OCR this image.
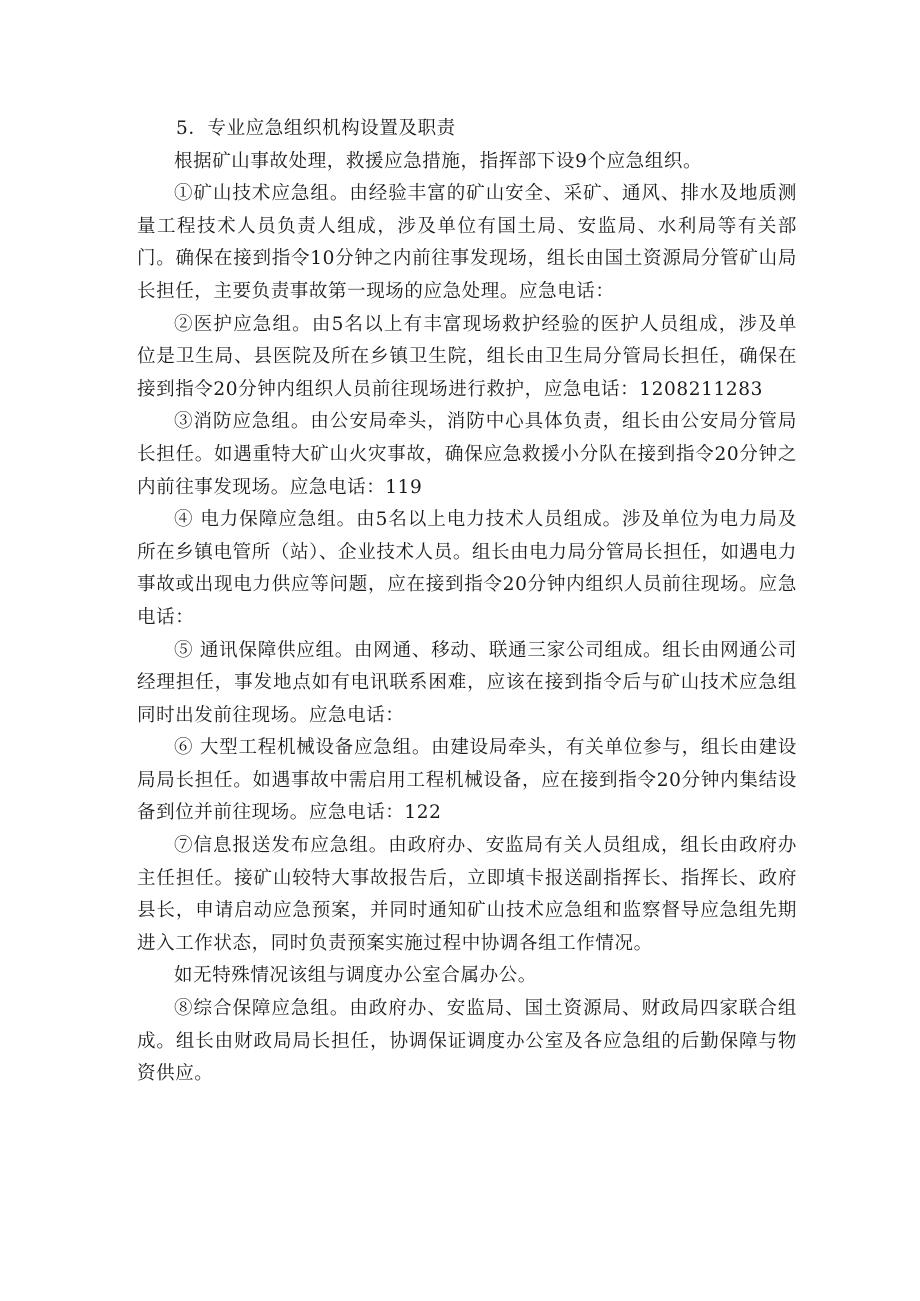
5．专业应急组织机构设置及职责

根据矿山事故处理，救援应急措施，指挥部下设9个应急组织。

①矿山技术应急组。由经验丰富的矿山安全、采矿、通风、排水及地质测量工程技术人员负责人组成，涉及单位有国土局、安监局、水利局等有关部门。确保在接到指令10分钟之内前往事发现场，组长由国土资源局分管矿山局长担任，主要负责事故第一现场的应急处理。应急电话：

②医护应急组。由5名以上有丰富现场救护经验的医护人员组成，涉及单位是卫生局、县医院及所在乡镇卫生院，组长由卫生局分管局长担任，确保在接到指令20分钟内组织人员前往现场进行救护，应急电话：1208211283

③消防应急组。由公安局牵头，消防中心具体负责，组长由公安局分管局长担任。如遇重特大矿山火灾事故，确保应急救援小分队在接到指令20分钟之内前往事发现场。应急电话：119

④ 电力保障应急组。由5名以上电力技术人员组成。涉及单位为电力局及所在乡镇电管所（站）、企业技术人员。组长由电力局分管局长担任，如遇电力事故或出现电力供应等问题，应在接到指令20分钟内组织人员前往现场。应急电话：

⑤ 通讯保障供应组。由网通、移动、联通三家公司组成。组长由网通公司经理担任，事发地点如有电讯联系困难，应该在接到指令后与矿山技术应急组同时出发前往现场。应急电话：

⑥ 大型工程机械设备应急组。由建设局牵头，有关单位参与，组长由建设局局长担任。如遇事故中需启用工程机械设备，应在接到指令20分钟内集结设备到位并前往现场。应急电话：122

⑦信息报送发布应急组。由政府办、安监局有关人员组成，组长由政府办主任担任。接矿山较特大事故报告后，立即填卡报送副指挥长、指挥长、政府县长，申请启动应急预案，并同时通知矿山技术应急组和监察督导应急组先期进入工作状态，同时负责预案实施过程中协调各组工作情况。

如无特殊情况该组与调度办公室合属办公。

⑧综合保障应急组。由政府办、安监局、国土资源局、财政局四家联合组成。组长由财政局局长担任，协调保证调度办公室及各应急组的后勤保障与物资供应。
